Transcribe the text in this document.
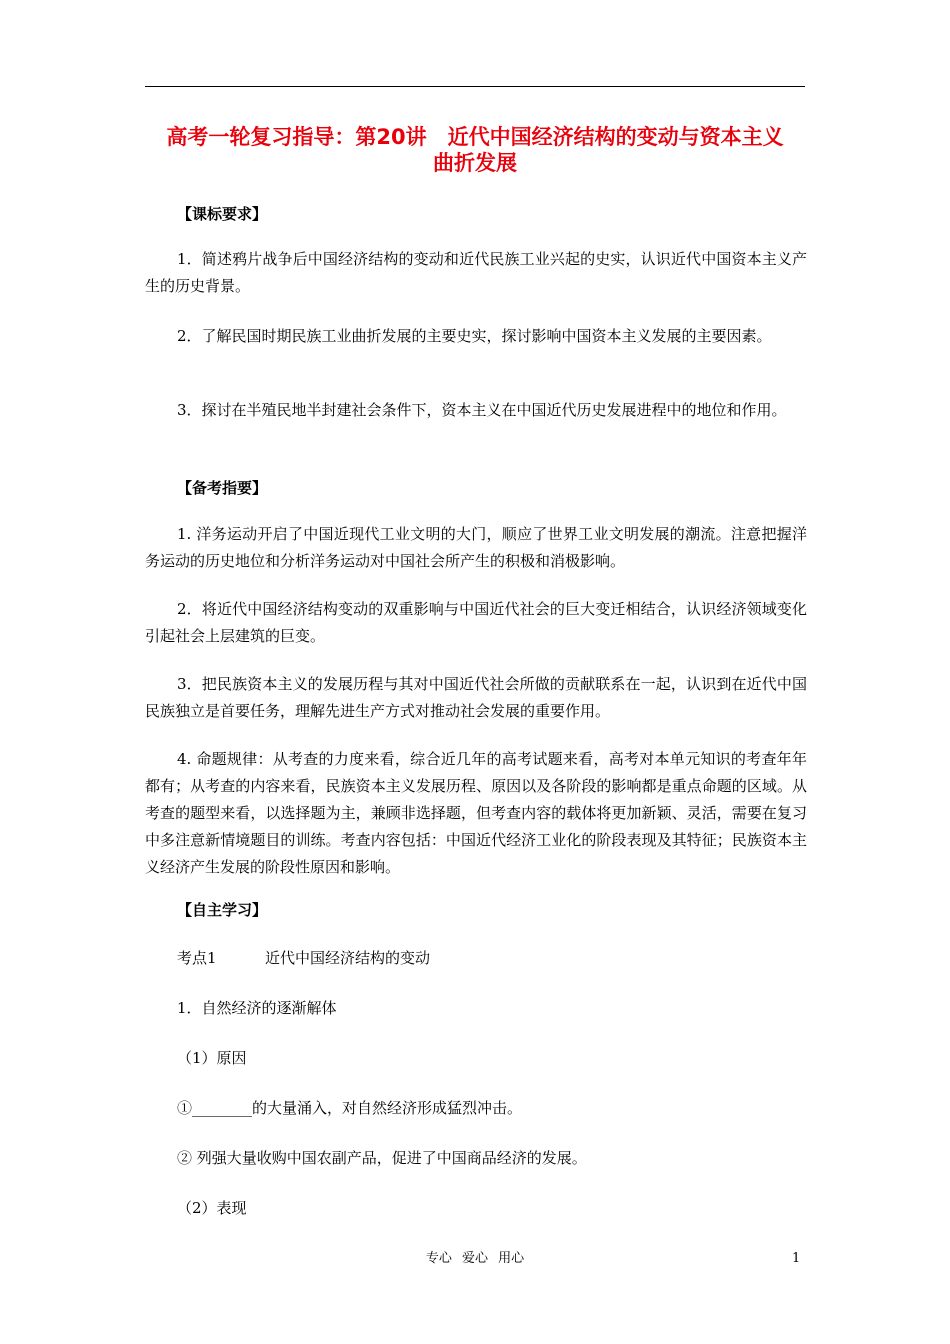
高考一轮复习指导：第20讲　近代中国经济结构的变动与资本主义
曲折发展
【课标要求】
1．简述鸦片战争后中国经济结构的变动和近代民族工业兴起的史实，认识近代中国资本主义产生的历史背景。
2．了解民国时期民族工业曲折发展的主要史实，探讨影响中国资本主义发展的主要因素。
3．探讨在半殖民地半封建社会条件下，资本主义在中国近代历史发展进程中的地位和作用。
【备考指要】
1. 洋务运动开启了中国近现代工业文明的大门，顺应了世界工业文明发展的潮流。注意把握洋务运动的历史地位和分析洋务运动对中国社会所产生的积极和消极影响。
2．将近代中国经济结构变动的双重影响与中国近代社会的巨大变迁相结合，认识经济领域变化引起社会上层建筑的巨变。
3．把民族资本主义的发展历程与其对中国近代社会所做的贡献联系在一起，认识到在近代中国民族独立是首要任务，理解先进生产方式对推动社会发展的重要作用。
4. 命题规律：从考查的力度来看，综合近几年的高考试题来看，高考对本单元知识的考查年年都有；从考查的内容来看，民族资本主义发展历程、原因以及各阶段的影响都是重点命题的区域。从考查的题型来看，以选择题为主，兼顾非选择题，但考查内容的载体将更加新颖、灵活，需要在复习中多注意新情境题目的训练。考查内容包括：中国近代经济工业化的阶段表现及其特征；民族资本主义经济产生发展的阶段性原因和影响。
【自主学习】
考点1	近代中国经济结构的变动
1．自然经济的逐渐解体
（1）原因
①________的大量涌入，对自然经济形成猛烈冲击。
② 列强大量收购中国农副产品，促进了中国商品经济的发展。
（2）表现
专心 爱心 用心	1
